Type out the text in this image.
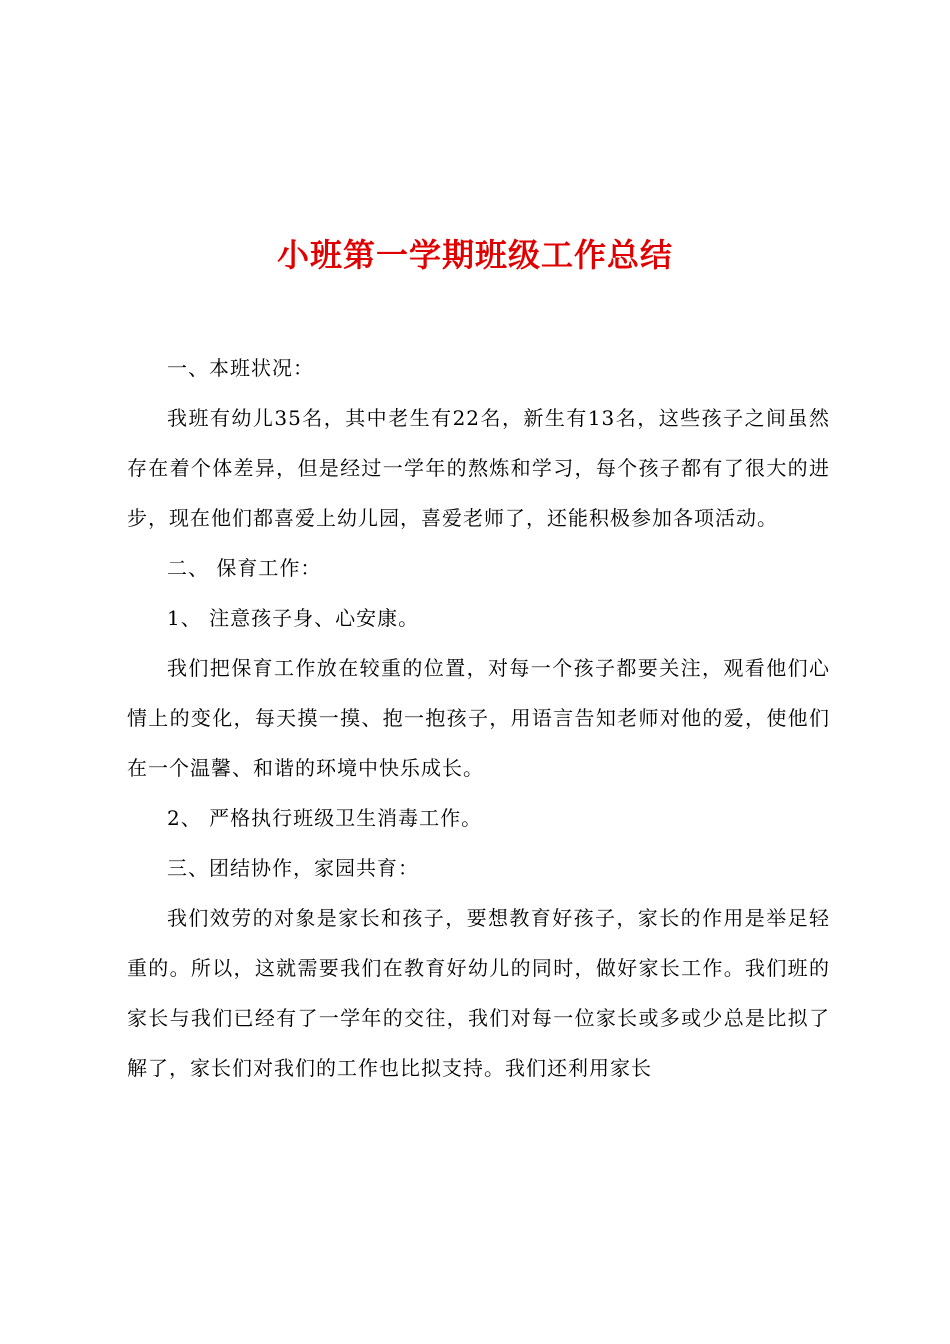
小班第一学期班级工作总结

一、本班状况：

我班有幼儿35名，其中老生有22名，新生有13名，这些孩子之间虽然存在着个体差异，但是经过一学年的熬炼和学习，每个孩子都有了很大的进步，现在他们都喜爱上幼儿园，喜爱老师了，还能积极参加各项活动。

二、 保育工作：

1、 注意孩子身、心安康。

我们把保育工作放在较重的位置，对每一个孩子都要关注，观看他们心情上的变化，每天摸一摸、抱一抱孩子，用语言告知老师对他的爱，使他们在一个温馨、和谐的环境中快乐成长。

2、 严格执行班级卫生消毒工作。

三、团结协作，家园共育：

我们效劳的对象是家长和孩子，要想教育好孩子，家长的作用是举足轻重的。所以，这就需要我们在教育好幼儿的同时，做好家长工作。我们班的家长与我们已经有了一学年的交往，我们对每一位家长或多或少总是比拟了解了，家长们对我们的工作也比拟支持。我们还利用家长
